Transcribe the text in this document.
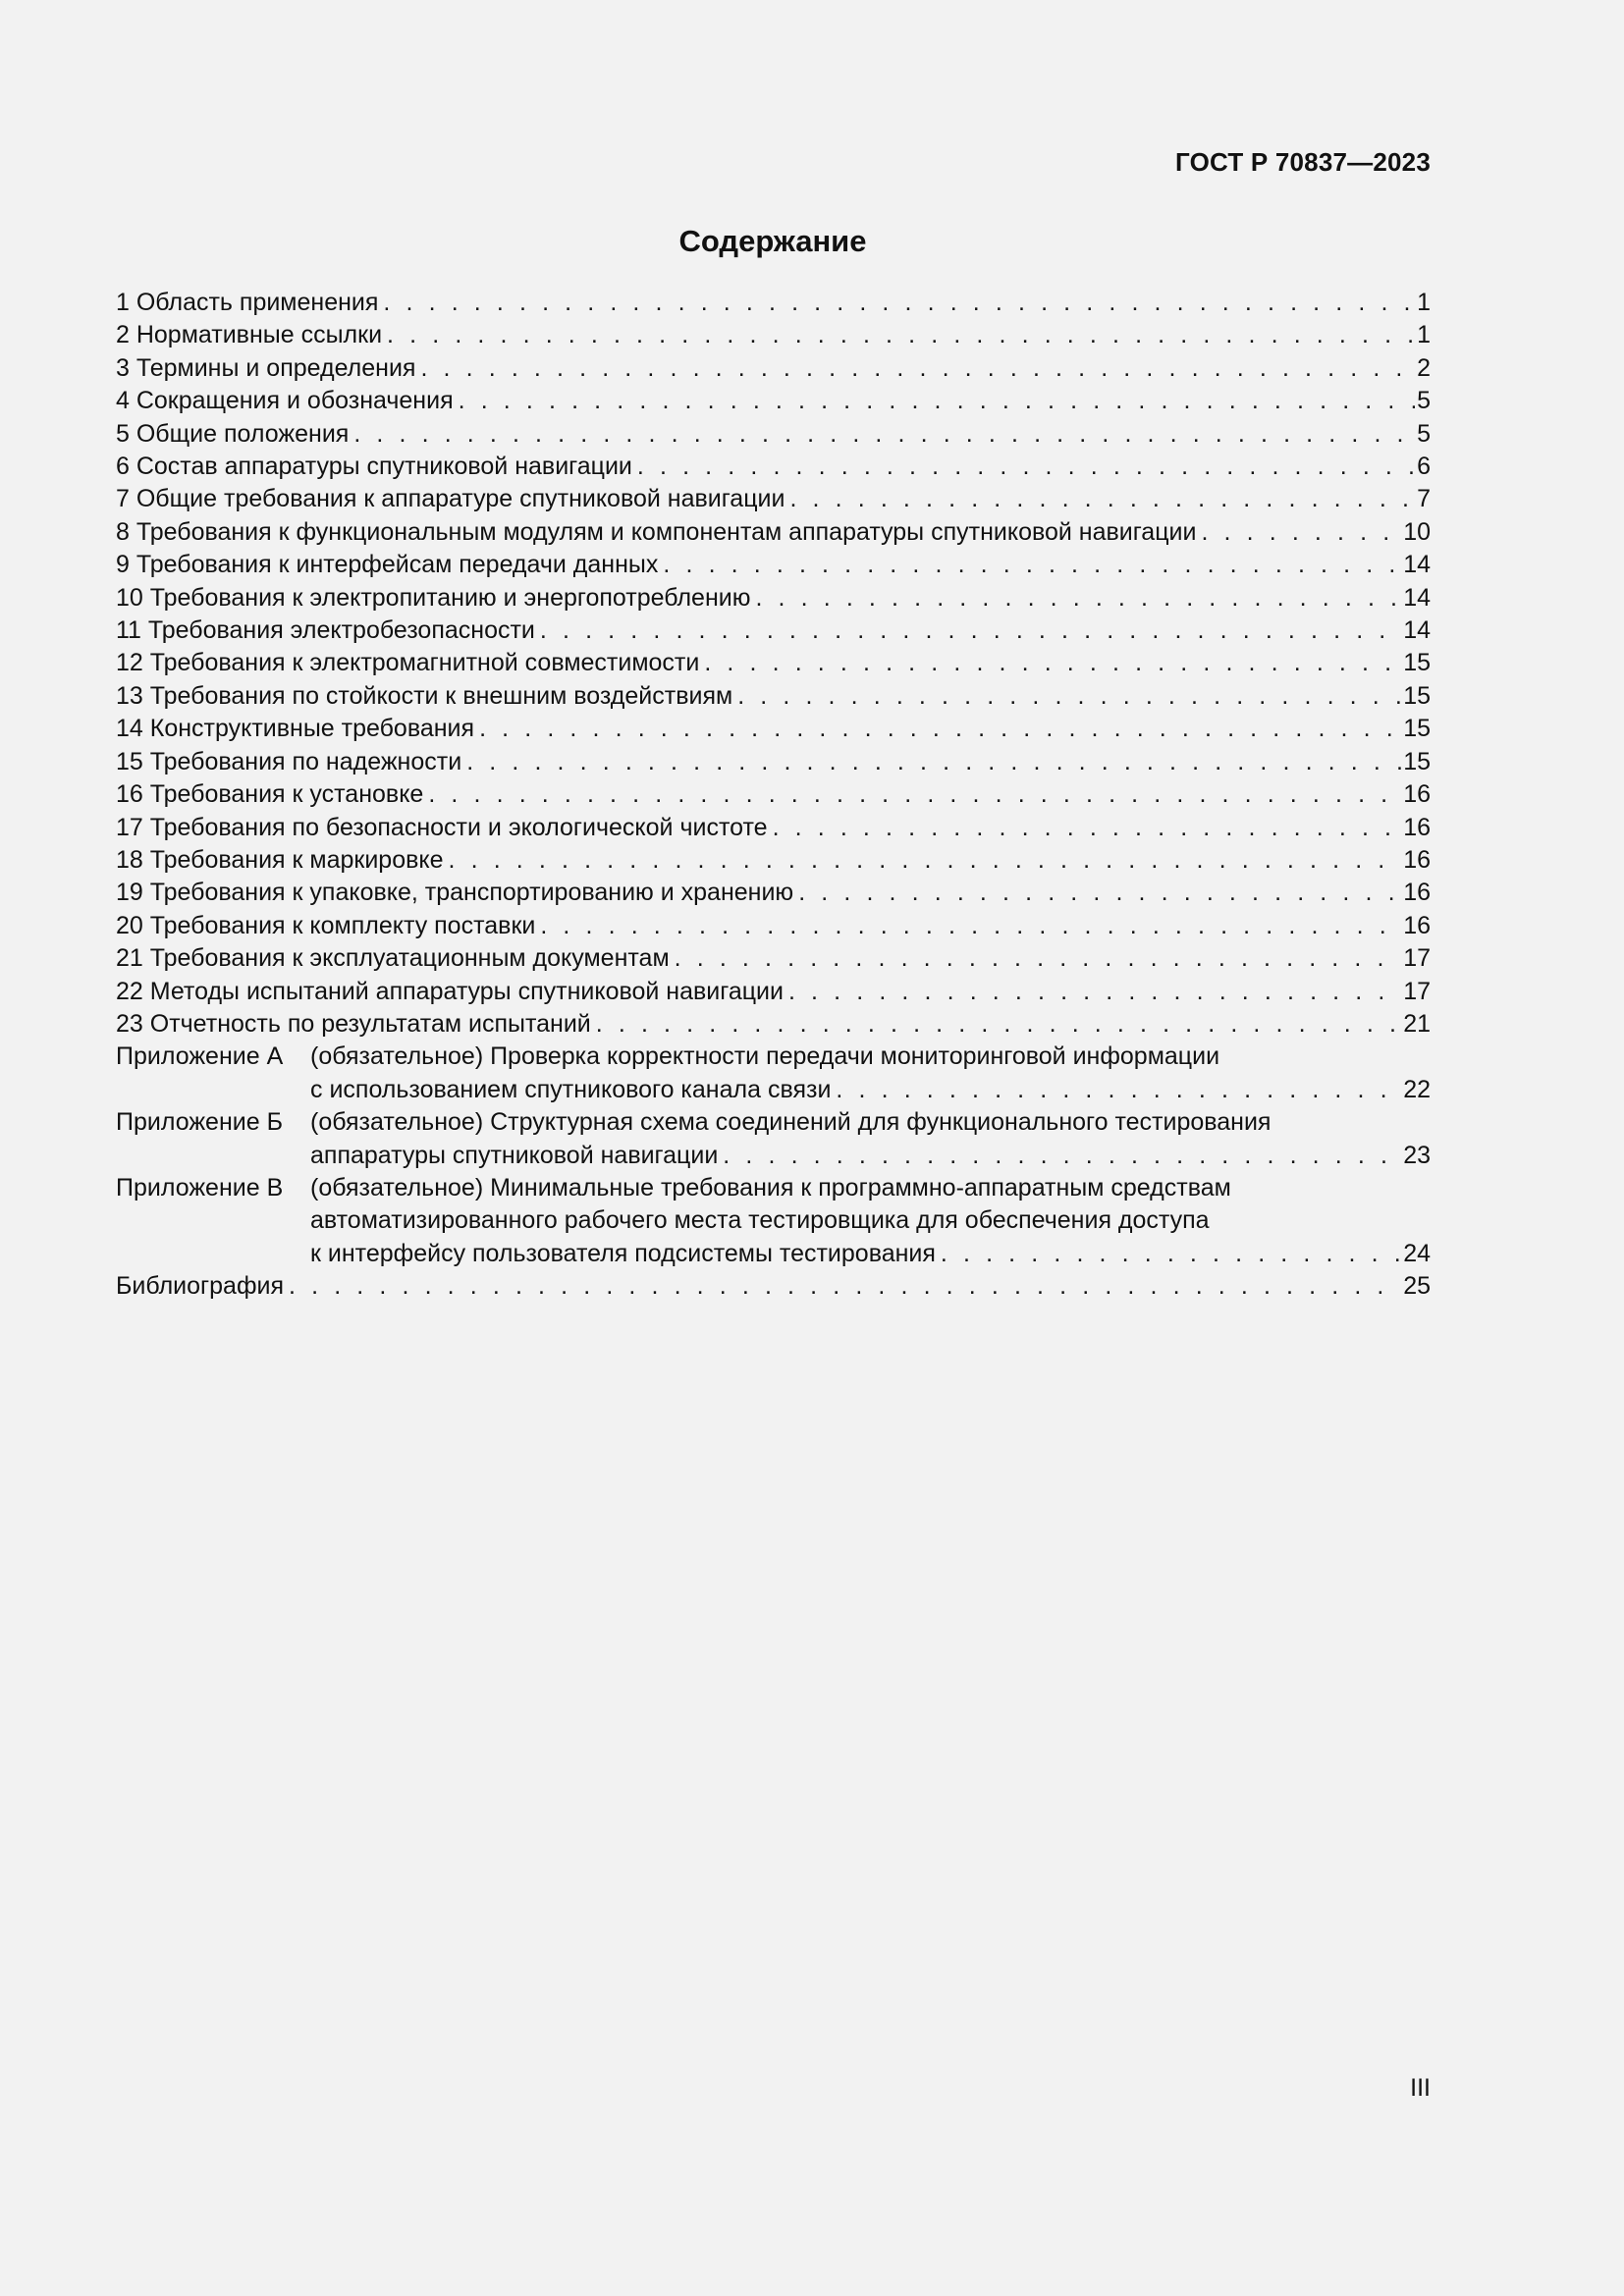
ГОСТ Р 70837—2023
Содержание
1 Область применения . . .	1
2 Нормативные ссылки . . .	1
3 Термины и определения . . .	2
4 Сокращения и обозначения . . .	5
5 Общие положения . . .	5
6 Состав аппаратуры спутниковой навигации . . .	6
7 Общие требования к аппаратуре спутниковой навигации . . .	7
8 Требования к функциональным модулям и компонентам аппаратуры спутниковой навигации . . .	10
9 Требования к интерфейсам передачи данных . . .	14
10 Требования к электропитанию и энергопотреблению . . .	14
11 Требования электробезопасности . . .	14
12 Требования к электромагнитной совместимости . . .	15
13 Требования по стойкости к внешним воздействиям . . .	15
14 Конструктивные требования . . .	15
15 Требования по надежности . . .	15
16 Требования к установке . . .	16
17 Требования по безопасности и экологической чистоте . . .	16
18 Требования к маркировке . . .	16
19 Требования к упаковке, транспортированию и хранению . . .	16
20 Требования к комплекту поставки . . .	16
21 Требования к эксплуатационным документам . . .	17
22 Методы испытаний аппаратуры спутниковой навигации . . .	17
23 Отчетность по результатам испытаний . . .	21
Приложение А	(обязательное) Проверка корректности передачи мониторинговой информации
с использованием спутникового канала связи . . .	22
Приложение Б	(обязательное) Структурная схема соединений для функционального тестирования
аппаратуры спутниковой навигации . . .	23
Приложение В	(обязательное) Минимальные требования к программно-аппаратным средствам
автоматизированного рабочего места тестировщика для обеспечения доступа
к интерфейсу пользователя подсистемы тестирования . . .	24
Библиография . . .	25
III
